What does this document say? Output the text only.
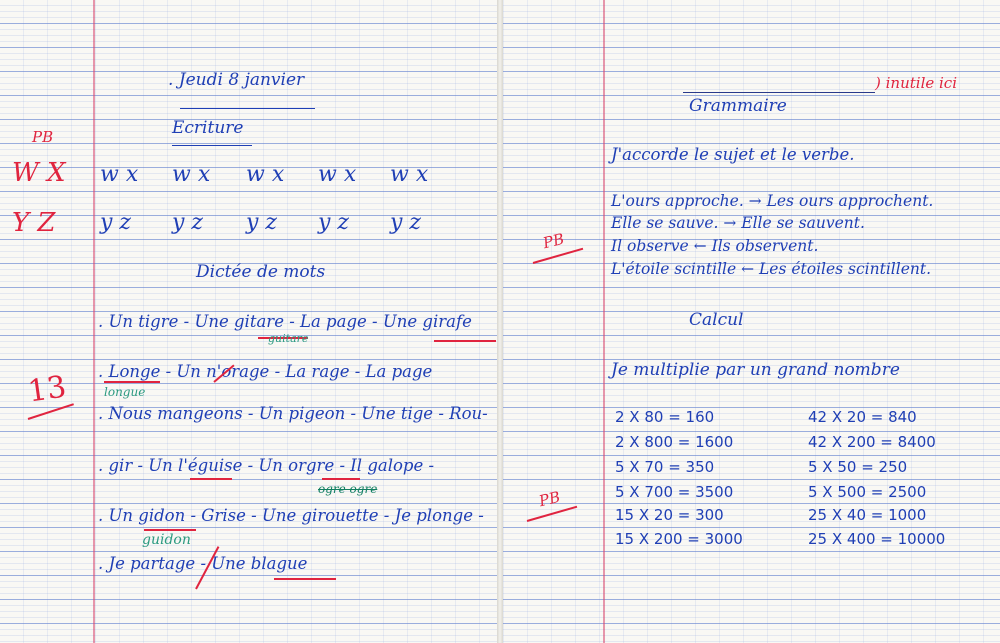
. Jeudi 8 janvier
Ecriture
PB
W X w x w x w x w x w x
Y Z y z y z y z y z y z
Dictée de mots
13
. Un tigre - Une gitare - La page - Une girafe
guitare
. Longe - Un n'orage - La rage - La page
longue
. Nous mangeons - Un pigeon - Une tige - Rou-
. gir - Un l'éguise - Un orgre - Il galope -
ogre ogre
. Un gidon - Grise - Une girouette - Je plonge -
guidon
. Je partage - Une blague
) inutile ici
Grammaire
J'accorde le sujet et le verbe.
L'ours approche. → Les ours approchent.
Elle se sauve. → Elle se sauvent.
Il observe ← Ils observent.
L'étoile scintille ← Les étoiles scintillent.
PB
Calcul
Je multiplie par un grand nombre
2 X 80 = 160
2 X 800 = 1600
5 X 70 = 350
5 X 700 = 3500
15 X 20 = 300
15 X 200 = 3000
42 X 20 = 840
42 X 200 = 8400
5 X 50 = 250
5 X 500 = 2500
25 X 40 = 1000
25 X 400 = 10000
PB
